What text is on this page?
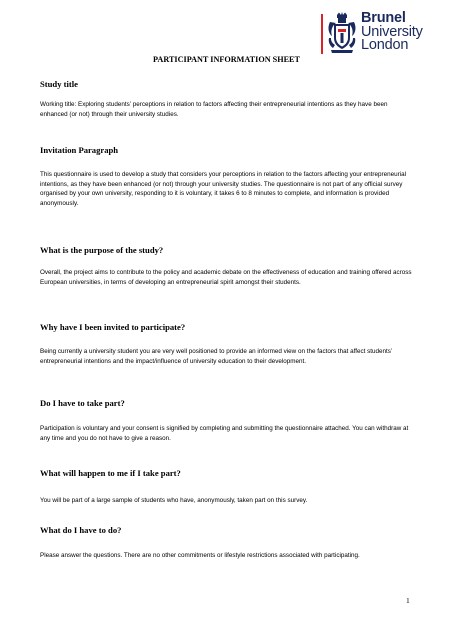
Brunel
University
London
PARTICIPANT INFORMATION SHEET
Study title
Working title: Exploring students’ perceptions in relation to factors affecting their entrepreneurial intentions as they have been enhanced (or not) through their university studies.
Invitation Paragraph
This questionnaire is used to develop a study that considers your perceptions in relation to the factors affecting your entrepreneurial intentions, as they have been enhanced (or not) through your university studies. The questionnaire is not part of any official survey organised by your own university, responding to it is voluntary, it takes 6 to 8 minutes to complete, and information is provided anonymously.
What is the purpose of the study?
Overall, the project aims to contribute to the policy and academic debate on the effectiveness of education and training offered across European universities, in terms of developing an entrepreneurial spirit amongst their students.
Why have I been invited to participate?
Being currently a university student you are very well positioned to provide an informed view on the factors that affect students’ entrepreneurial intentions and the impact/influence of university education to their development.
Do I have to take part?
Participation is voluntary and your consent is signified by completing and submitting the questionnaire attached. You can withdraw at any time and you do not have to give a reason.
What will happen to me if I take part?
You will be part of a large sample of students who have, anonymously, taken part on this survey.
What do I have to do?
Please answer the questions. There are no other commitments or lifestyle restrictions associated with participating.
1
